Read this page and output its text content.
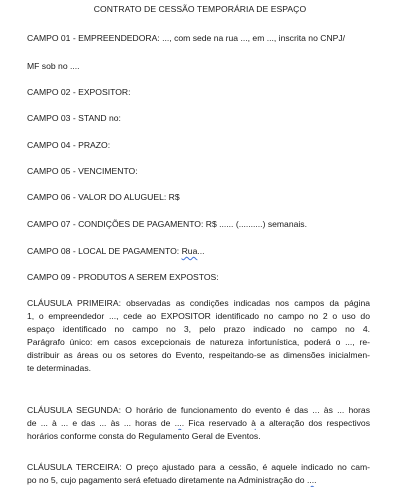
CONTRATO DE CESSÃO TEMPORÁRIA DE ESPAÇO
CAMPO 01 - EMPREENDEDORA: ..., com sede na rua ..., em ..., inscrita no CNPJ/
MF sob no ....
CAMPO 02 - EXPOSITOR:
CAMPO 03 - STAND no:
CAMPO 04 - PRAZO:
CAMPO 05 - VENCIMENTO:
CAMPO 06 - VALOR DO ALUGUEL: R$
CAMPO 07 - CONDIÇÕES DE PAGAMENTO: R$ ...... (..........) semanais.
CAMPO 08 - LOCAL DE PAGAMENTO: Rua...
CAMPO 09 - PRODUTOS A SEREM EXPOSTOS:
CLÁUSULA PRIMEIRA: observadas as condições indicadas nos campos da página
1, o empreendedor ..., cede ao EXPOSITOR identificado no campo no 2 o uso do
espaço identificado no campo no 3, pelo prazo indicado no campo no 4.
Parágrafo único: em casos excepcionais de natureza infortunística, poderá o ..., re-
distribuir as áreas ou os setores do Evento, respeitando-se as dimensões inicialmen-
te determinadas.
CLÁUSULA SEGUNDA: O horário de funcionamento do evento é das ... às ... horas
de ... à ... e das ... às ... horas de .... Fica reservado à a alteração dos respectivos
horários conforme consta do Regulamento Geral de Eventos.
CLÁUSULA TERCEIRA: O preço ajustado para a cessão, é aquele indicado no cam-
po no 5, cujo pagamento será efetuado diretamente na Administração do ....
